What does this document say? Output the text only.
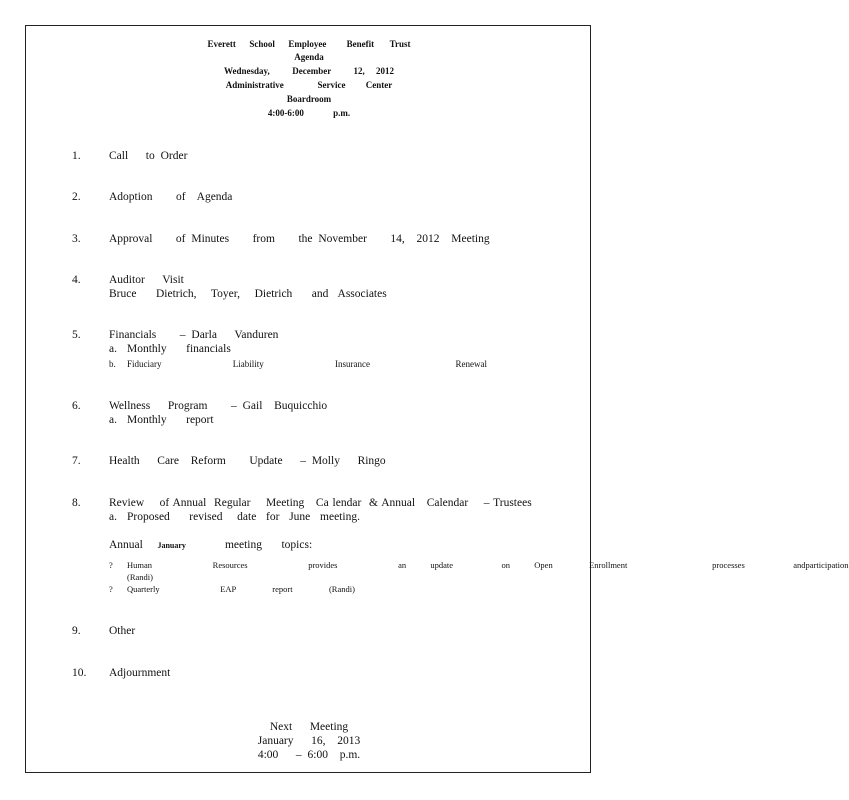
Everett      School      Employee         Benefit       Trust
Agenda
Wednesday,          December          12,     2012
Administrative               Service         Center
Boardroom
4:00-6:00             p.m.
1. Call   to Order
2. Adoption    of  Agenda
3. Approval    of Minutes    from    the November    14,  2012  Meeting
4. Auditor   Visit
Bruce    Dietrich,   Toyer,   Dietrich    and  Associates
5. Financials    – Darla   Vanduren
a. Monthly    financials
b. Fiduciary     Liability     Insurance      Renewal
6. Wellness   Program    – Gail  Buquicchio
a. Monthly    report
7. Health   Care  Reform    Update   – Molly   Ringo
8. Review    of Annual  Regular    Meeting   Ca lendar  & Annual   Calendar    – Trustees
a. Proposed    revised   date  for  June  meeting.
Annual January	meeting    topics:
? Human     Resources     provides     an  update    on  Open   Enrollment       processes    andparticipation
(Randi)
? Quarterly     EAP   report   (Randi)
9. Other
10. Adjournment
Next   Meeting
January   16,  2013
4:00   – 6:00  p.m.
